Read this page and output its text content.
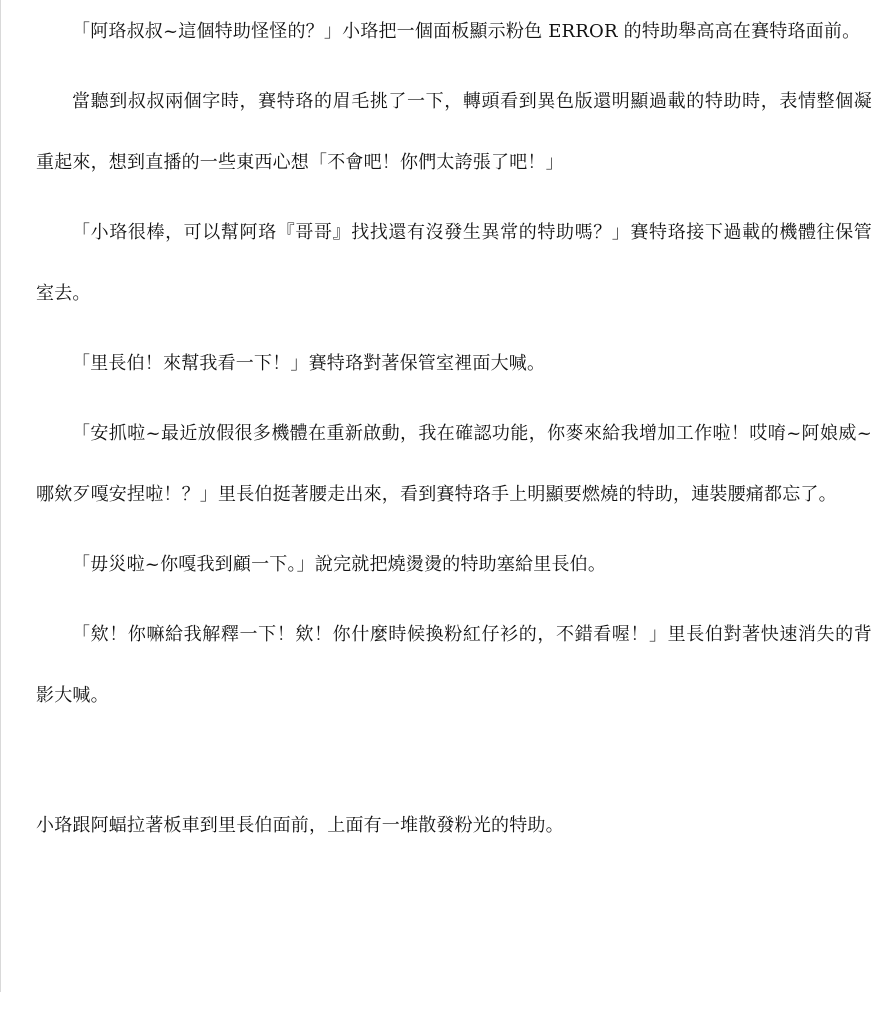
「阿珞叔叔~這個特助怪怪的？」小珞把一個面板顯示粉色 ERROR 的特助舉高高在賽特珞面前。

當聽到叔叔兩個字時，賽特珞的眉毛挑了一下，轉頭看到異色版還明顯過載的特助時，表情整個凝重起來，想到直播的一些東西心想「不會吧！你們太誇張了吧！」

「小珞很棒，可以幫阿珞『哥哥』找找還有沒發生異常的特助嗎？」賽特珞接下過載的機體往保管室去。

「里長伯！來幫我看一下！」賽特珞對著保管室裡面大喊。

「安抓啦~最近放假很多機體在重新啟動，我在確認功能，你麥來給我增加工作啦！哎唷~阿娘威~哪欸歹嘎安捏啦！？」里長伯挺著腰走出來，看到賽特珞手上明顯要燃燒的特助，連裝腰痛都忘了。

「毋災啦~你嘎我到顧一下。」說完就把燒燙燙的特助塞給里長伯。

「欸！你嘛給我解釋一下！欸！你什麼時候換粉紅仔衫的，不錯看喔！」里長伯對著快速消失的背影大喊。

小珞跟阿蝠拉著板車到里長伯面前，上面有一堆散發粉光的特助。
